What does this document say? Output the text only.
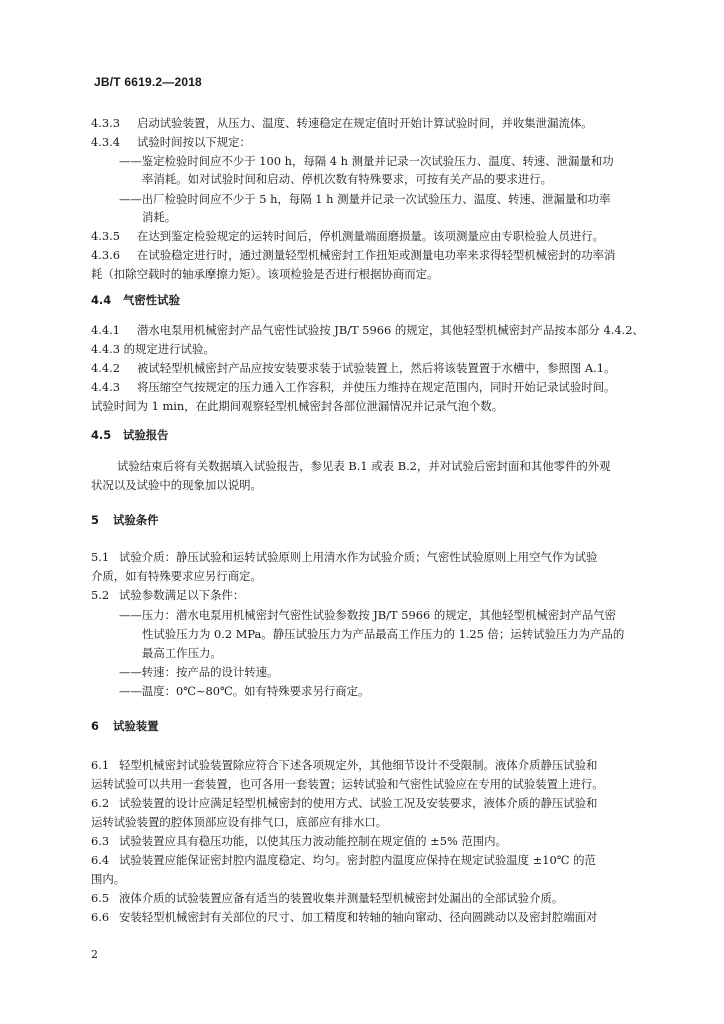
JB/T 6619.2—2018
4.3.3 启动试验装置，从压力、温度、转速稳定在规定值时开始计算试验时间，并收集泄漏流体。
4.3.4 试验时间按以下规定：
——鉴定检验时间应不少于 100 h，每隔 4 h 测量并记录一次试验压力、温度、转速、泄漏量和功
率消耗。如对试验时间和启动、停机次数有特殊要求，可按有关产品的要求进行。
——出厂检验时间应不少于 5 h，每隔 1 h 测量并记录一次试验压力、温度、转速、泄漏量和功率
消耗。
4.3.5 在达到鉴定检验规定的运转时间后，停机测量端面磨损量。该项测量应由专职检验人员进行。
4.3.6 在试验稳定进行时，通过测量轻型机械密封工作扭矩或测量电功率来求得轻型机械密封的功率消
耗（扣除空载时的轴承摩擦力矩）。该项检验是否进行根据协商而定。
4.4 气密性试验
4.4.1 潜水电泵用机械密封产品气密性试验按 JB/T 5966 的规定，其他轻型机械密封产品按本部分 4.4.2、
4.4.3 的规定进行试验。
4.4.2 被试轻型机械密封产品应按安装要求装于试验装置上，然后将该装置置于水槽中，参照图 A.1。
4.4.3 将压缩空气按规定的压力通入工作容积，并使压力维持在规定范围内，同时开始记录试验时间。
试验时间为 1 min，在此期间观察轻型机械密封各部位泄漏情况并记录气泡个数。
4.5 试验报告
试验结束后将有关数据填入试验报告，参见表 B.1 或表 B.2，并对试验后密封面和其他零件的外观
状况以及试验中的现象加以说明。
5 试验条件
5.1 试验介质：静压试验和运转试验原则上用清水作为试验介质；气密性试验原则上用空气作为试验
介质，如有特殊要求应另行商定。
5.2 试验参数满足以下条件：
——压力：潜水电泵用机械密封气密性试验参数按 JB/T 5966 的规定，其他轻型机械密封产品气密
性试验压力为 0.2 MPa。静压试验压力为产品最高工作压力的 1.25 倍；运转试验压力为产品的
最高工作压力。
——转速：按产品的设计转速。
——温度：0℃~80℃。如有特殊要求另行商定。
6 试验装置
6.1 轻型机械密封试验装置除应符合下述各项规定外，其他细节设计不受限制。液体介质静压试验和
运转试验可以共用一套装置，也可各用一套装置；运转试验和气密性试验应在专用的试验装置上进行。
6.2 试验装置的设计应满足轻型机械密封的使用方式、试验工况及安装要求，液体介质的静压试验和
运转试验装置的腔体顶部应设有排气口，底部应有排水口。
6.3 试验装置应具有稳压功能，以使其压力波动能控制在规定值的 ±5% 范围内。
6.4 试验装置应能保证密封腔内温度稳定、均匀。密封腔内温度应保持在规定试验温度 ±10℃ 的范
围内。
6.5 液体介质的试验装置应备有适当的装置收集并测量轻型机械密封处漏出的全部试验介质。
6.6 安装轻型机械密封有关部位的尺寸、加工精度和转轴的轴向窜动、径向圆跳动以及密封腔端面对
2
